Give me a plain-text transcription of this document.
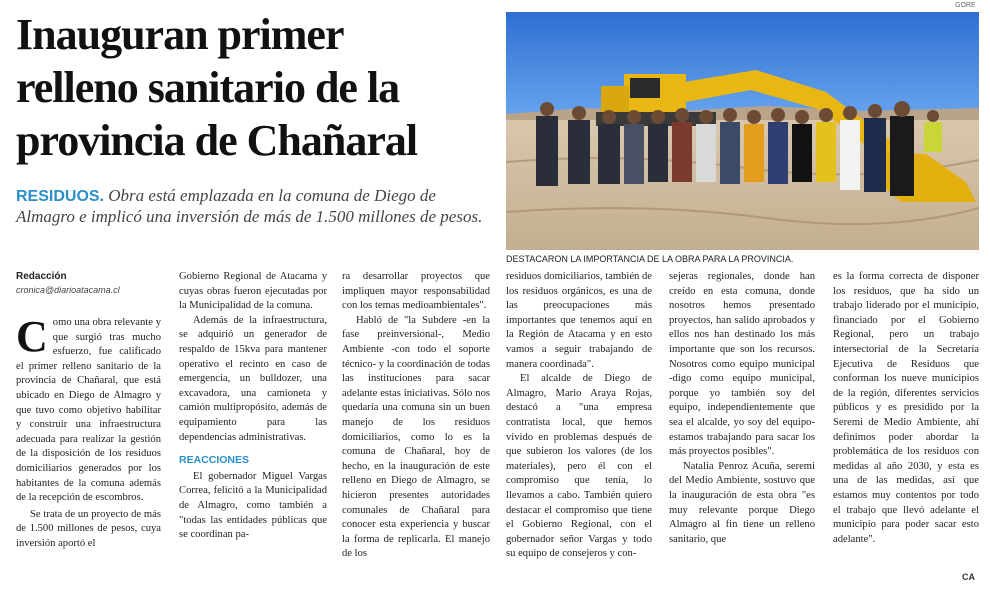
Inauguran primer
relleno sanitario de la
provincia de Chañaral

RESIDUOS. Obra está emplazada en la comuna de Diego de Almagro e implicó una inversión de más de 1.500 millones de pesos.

Redacción
cronica@diarioatacama.cl
GORE
DESTACARON LA IMPORTANCIA DE LA OBRA PARA LA PROVINCIA.

Como una obra relevante y que surgió tras mucho esfuerzo, fue calificado el primer relleno sanitario de la provincia de Chañaral, que está ubicado en Diego de Almagro y que tuvo como objetivo habilitar y construir una infraestructura adecuada para realizar la gestión de la disposición de los residuos domiciliarios generados por los habitantes de la comuna además de la recepción de escombros.

Se trata de un proyecto de más de 1.500 millones de pesos, cuya inversión aportó el

Gobierno Regional de Atacama y cuyas obras fueron ejecutadas por la Municipalidad de la comuna.

Además de la infraestructura, se adquirió un generador de respaldo de 15kva para mantener operativo el recinto en caso de emergencia, un bulldozer, una excavadora, una camioneta y camión multipropósito, además de equipamiento para las dependencias administrativas.

REACCIONES

El gobernador Miguel Vargas Correa, felicitó a la Municipalidad de Almagro, como también a "todas las entidades públicas que se coordinan pa-

ra desarrollar proyectos que impliquen mayor responsabilidad con los temas medioambientales".

Habló de "la Subdere -en la fase preinversional-, Medio Ambiente -con todo el soporte técnico- y la coordinación de todas las instituciones para sacar adelante estas iniciativas. Sólo nos quedaría una comuna sin un buen manejo de los residuos domiciliarios, como lo es la comuna de Chañaral, hoy de hecho, en la inauguración de este relleno en Diego de Almagro, se hicieron presentes autoridades comunales de Chañaral para conocer esta experiencia y buscar la forma de replicarla. El manejo de los

residuos domiciliarios, también de los residuos orgánicos, es una de las preocupaciones más importantes que tenemos aquí en la Región de Atacama y en esto vamos a seguir trabajando de manera coordinada".

El alcalde de Diego de Almagro, Mario Araya Rojas, destacó a "una empresa contratista local, que hemos vivido en problemas después de que subieron los valores (de los materiales), pero él con el compromiso que tenía, lo llevamos a cabo. También quiero destacar el compromiso que tiene el Gobierno Regional, con el gobernador señor Vargas y todo su equipo de consejeros y con-

sejeras regionales, donde han creído en esta comuna, donde nosotros hemos presentado proyectos, han salido aprobados y ellos nos han destinado los más importante que son los recursos. Nosotros como equipo municipal -digo como equipo municipal, porque yo también soy del equipo, independientemente que sea el alcalde, yo soy del equipo- estamos trabajando para sacar los más proyectos posibles".

Natalia Penroz Acuña, seremi del Medio Ambiente, sostuvo que la inauguración de esta obra "es muy relevante porque Diego Almagro al fin tiene un relleno sanitario, que

es la forma correcta de disponer los residuos, que ha sido un trabajo liderado por el municipio, financiado por el Gobierno Regional, pero un trabajo intersectorial de la Secretaría Ejecutiva de Residuos que conforman los nueve municipios de la región, diferentes servicios públicos y es presidido por la Seremi de Medio Ambiente, ahí definimos poder abordar la problemática de los residuos con medidas al año 2030, y esta es una de las medidas, así que estamos muy contentos por todo el trabajo que llevó adelante el municipio para poder sacar esto adelante".

CA
